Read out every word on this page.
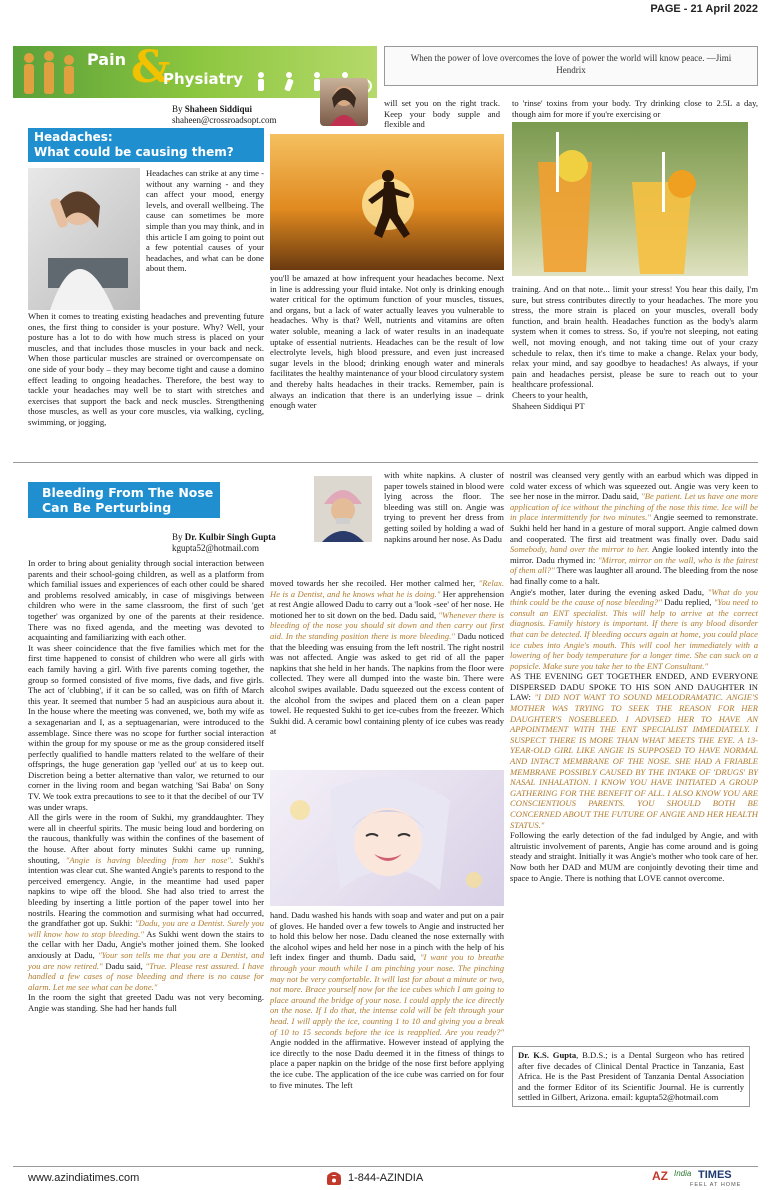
PAGE - 21 April 2022
Pain &
Physiatry
When the power of love overcomes the love of power the world will know peace. —Jimi Hendrix
By Shaheen Siddiqui
shaheen@crossroadsopt.com
Headaches:
What could be causing them?
Headaches can strike at any time - without any warning - and they can affect your mood, energy levels, and overall wellbeing. The cause can sometimes be more simple than you may think, and in this article I am going to point out a few potential causes of your headaches, and what can be done about them.
When it comes to treating existing headaches and preventing future ones, the first thing to consider is your posture. Why? Well, your posture has a lot to do with how much stress is placed on your muscles, and that includes those muscles in your back and neck. When those particular muscles are strained or overcompensate on one side of your body – they may become tight and cause a domino effect leading to ongoing headaches. Therefore, the best way to tackle your headaches may well be to start with stretches and exercises that support the back and neck muscles. Strengthening those muscles, as well as your core muscles, via walking, cycling, swimming, or jogging,
will set you on the right track. Keep your body supple and flexible and
you'll be amazed at how infrequent your headaches become. Next in line is addressing your fluid intake. Not only is drinking enough water critical for the optimum function of your muscles, tissues, and organs, but a lack of water actually leaves you vulnerable to headaches. Why is that? Well, nutrients and vitamins are often water soluble, meaning a lack of water results in an inadequate uptake of essential nutrients. Headaches can be the result of low electrolyte levels, high blood pressure, and even just increased sugar levels in the blood; drinking enough water and minerals facilitates the healthy maintenance of your blood circulatory system and thereby halts headaches in their tracks. Remember, pain is always an indication that there is an underlying issue – drink enough water
to 'rinse' toxins from your body. Try drinking close to 2.5L a day, though aim for more if you're exercising or

training. And on that note... limit your stress! You hear this daily, I'm sure, but stress contributes directly to your headaches. The more you stress, the more strain is placed on your muscles, overall body function, and brain health. Headaches function as the body's alarm system when it comes to stress. So, if you're not sleeping, not eating well, not moving enough, and not taking time out of your crazy schedule to relax, then it's time to make a change. Relax your body, relax your mind, and say goodbye to headaches! As always, if your pain and headaches persist, please be sure to reach out to your healthcare professional.

Cheers to your health,

Shaheen Siddiqui PT

Bleeding From The Nose
Can Be Perturbing
By Dr. Kulbir Singh Gupta
kgupta52@hotmail.com

In order to bring about geniality through social interaction between parents and their school-going children, as well as a platform from which familial issues and experiences of each other could be shared and problems resolved amicably, in case of misgivings between children who were in the same classroom, the first of such 'get together' was organized by one of the parents at their residence. There was no fixed agenda, and the meeting was devoted to acquainting and familiarizing with each other.

It was sheer coincidence that the five families which met for the first time happened to consist of children who were all girls with each family having a girl. With five parents coming together, the group so formed consisted of five moms, five dads, and five girls. The act of 'clubbing', if it can be so called, was on fifth of March this year. It seemed that number 5 had an auspicious aura about it. In the house where the meeting was convened, we, both my wife as a sexagenarian and I, as a septuagenarian, were introduced to the assemblage. Since there was no scope for further social interaction within the group for my spouse or me as the group considered itself perfectly qualified to handle matters related to the welfare of their offsprings, the huge generation gap 'yelled out' at us to keep out. Discretion being a better alternative than valor, we returned to our corner in the living room and began watching 'Sai Baba' on Sony TV. We took extra precautions to see to it that the decibel of our TV was under wraps.

All the girls were in the room of Sukhi, my granddaughter. They were all in cheerful spirits. The music being loud and bordering on the raucous, thankfully was within the confines of the basement of the house. After about forty minutes Sukhi came up running, shouting, "Angie is having bleeding from her nose". Sukhi's intention was clear cut. She wanted Angie's parents to respond to the perceived emergency. Angie, in the meantime had used paper napkins to wipe off the blood. She had also tried to arrest the bleeding by inserting a little portion of the paper towel into her nostrils. Hearing the commotion and surmising what had occurred, the grandfather got up. Sukhi: "Dadu, you are a Dentist. Surely you will know how to stop bleeding." As Sukhi went down the stairs to the cellar with her Dadu, Angie's mother joined them. She looked anxiously at Dadu, "Your son tells me that you are a Dentist, and you are now retired." Dadu said, "True. Please rest assured. I have handled a few cases of nose bleeding and there is no cause for alarm. Let me see what can be done."

In the room the sight that greeted Dadu was not very becoming. Angie was standing. She had her hands full

with white napkins. A cluster of paper towels stained in blood were lying across the floor. The bleeding was still on. Angie was trying to prevent her dress from getting soiled by holding a wad of napkins around her nose. As Dadu

moved towards her she recoiled. Her mother calmed her, "Relax. He is a Dentist, and he knows what he is doing." Her apprehension at rest Angie allowed Dadu to carry out a 'look -see' of her nose. He motioned her to sit down on the bed. Dadu said, "Whenever there is bleeding of the nose you should sit down and then carry out first aid. In the standing position there is more bleeding." Dadu noticed that the bleeding was ensuing from the left nostril. The right nostril was not affected. Angie was asked to get rid of all the paper napkins that she held in her hands. The napkins from the floor were collected. They were all dumped into the waste bin. There were alcohol swipes available. Dadu squeezed out the excess content of the alcohol from the swipes and placed them on a clean paper towel. He requested Sukhi to get ice-cubes from the freezer. Which Sukhi did. A ceramic bowl containing plenty of ice cubes was ready at

hand. Dadu washed his hands with soap and water and put on a pair of gloves. He handed over a few towels to Angie and instructed her to hold this below her nose. Dadu cleaned the nose externally with the alcohol wipes and held her nose in a pinch with the help of his left index finger and thumb. Dadu said, "I want you to breathe through your mouth while I am pinching your nose. The pinching may not be very comfortable. It will last for about a minute or two, not more. Brace yourself now for the ice cubes which I am going to place around the bridge of your nose. I could apply the ice directly on the nose. If I do that, the intense cold will be felt through your head. I will apply the ice, counting 1 to 10 and giving you a break of 10 to 15 seconds before the ice is reapplied. Are you ready?" Angie nodded in the affirmative. However instead of applying the ice directly to the nose Dadu deemed it in the fitness of things to place a paper napkin on the bridge of the nose first before applying the ice cube. The application of the ice cube was carried on for four to five minutes. The left

nostril was cleansed very gently with an earbud which was dipped in cold water excess of which was squeezed out. Angie was very keen to see her nose in the mirror. Dadu said, "Be patient. Let us have one more application of ice without the pinching of the nose this time. Ice will be in place intermittently for two minutes." Angie seemed to remonstrate. Sukhi held her hand in a gesture of moral support. Angie calmed down and cooperated. The first aid treatment was finally over. Dadu said Somebody, hand over the mirror to her. Angie looked intently into the mirror. Dadu rhymed in: "Mirror, mirror on the wall, who is the fairest of them all?" There was laughter all around. The bleeding from the nose had finally come to a halt.

Angie's mother, later during the evening asked Dadu, "What do you think could be the cause of nose bleeding?" Dadu replied, "You need to consult an ENT specialist. This will help to arrive at the correct diagnosis. Family history is important. If there is any blood disorder that can be detected. If bleeding occurs again at home, you could place ice cubes into Angie's mouth. This will cool her immediately with a lowering of her body temperature for a longer time. She can suck on a popsicle. Make sure you take her to the ENT Consultant."

AS THE EVENING GET TOGETHER ENDED, AND EVERYONE DISPERSED DADU SPOKE TO HIS SON AND DAUGHTER IN LAW: "I DID NOT WANT TO SOUND MELODRAMATIC. ANGIE'S MOTHER WAS TRYING TO SEEK THE REASON FOR HER DAUGHTER'S NOSEBLEED. I ADVISED HER TO HAVE AN APPOINTMENT WITH THE ENT SPECIALIST IMMEDIATELY. I SUSPECT THERE IS MORE THAN WHAT MEETS THE EYE. A 13-YEAR-OLD GIRL LIKE ANGIE IS SUPPOSED TO HAVE NORMAL AND INTACT MEMBRANE OF THE NOSE. SHE HAD A FRIABLE MEMBRANE POSSIBLY CAUSED BY THE INTAKE OF 'DRUGS' BY NASAL INHALATION. I KNOW YOU HAVE INITIATED A GROUP GATHERING FOR THE BENEFIT OF ALL. I ALSO KNOW YOU ARE CONSCIENTIOUS PARENTS. YOU SHOULD BOTH BE CONCERNED ABOUT THE FUTURE OF ANGIE AND HER HEALTH STATUS."

Following the early detection of the fad indulged by Angie, and with altruistic involvement of parents, Angie has come around and is going steady and straight. Initially it was Angie's mother who took care of her. Now both her DAD and MUM are conjointly devoting their time and space to Angie. There is nothing that LOVE cannot overcome.

Dr. K.S. Gupta, B.D.S.; is a Dental Surgeon who has retired after five decades of Clinical Dental Practice in Tanzania, East Africa. He is the Past President of Tanzania Dental Association and the former Editor of its Scientific Journal. He is currently settled in Gilbert, Arizona. email: kgupta52@hotmail.com
www.azindiatimes.com	1-844-AZINDIA	AZ India TIMES
FEEL AT HOME
